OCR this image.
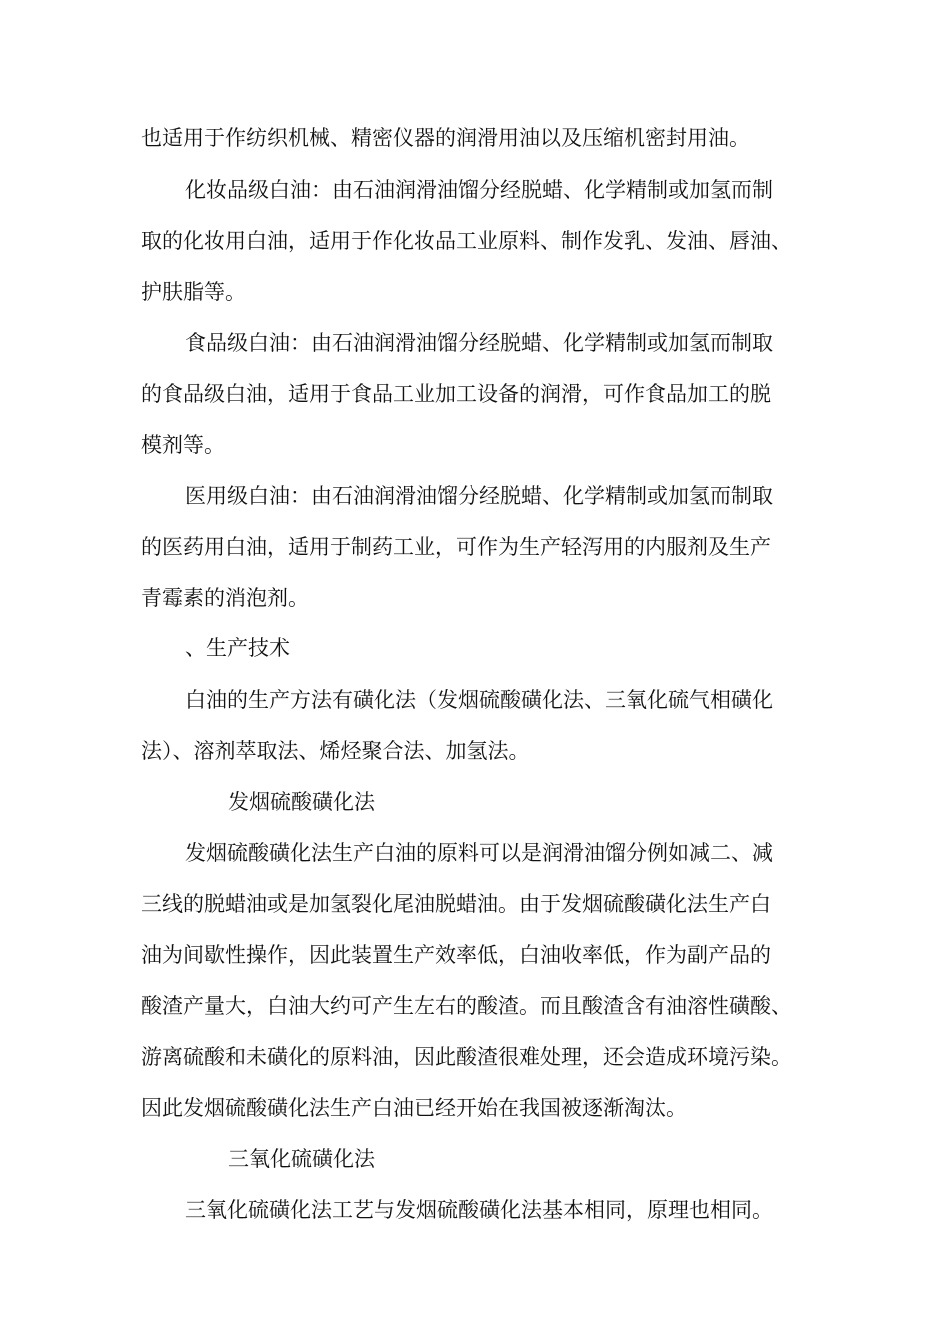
也适用于作纺织机械、精密仪器的润滑用油以及压缩机密封用油。
化妆品级白油：由石油润滑油馏分经脱蜡、化学精制或加氢而制
取的化妆用白油，适用于作化妆品工业原料、制作发乳、发油、唇油、
护肤脂等。
食品级白油：由石油润滑油馏分经脱蜡、化学精制或加氢而制取
的食品级白油，适用于食品工业加工设备的润滑，可作食品加工的脱
模剂等。
医用级白油：由石油润滑油馏分经脱蜡、化学精制或加氢而制取
的医药用白油，适用于制药工业，可作为生产轻泻用的内服剂及生产
青霉素的消泡剂。
、生产技术
白油的生产方法有磺化法（发烟硫酸磺化法、三氧化硫气相磺化
法）、溶剂萃取法、烯烃聚合法、加氢法。
发烟硫酸磺化法
发烟硫酸磺化法生产白油的原料可以是润滑油馏分例如减二、减
三线的脱蜡油或是加氢裂化尾油脱蜡油。由于发烟硫酸磺化法生产白
油为间歇性操作，因此装置生产效率低，白油收率低，作为副产品的
酸渣产量大，白油大约可产生左右的酸渣。而且酸渣含有油溶性磺酸、
游离硫酸和未磺化的原料油，因此酸渣很难处理，还会造成环境污染。
因此发烟硫酸磺化法生产白油已经开始在我国被逐渐淘汰。
三氧化硫磺化法
三氧化硫磺化法工艺与发烟硫酸磺化法基本相同，原理也相同。
